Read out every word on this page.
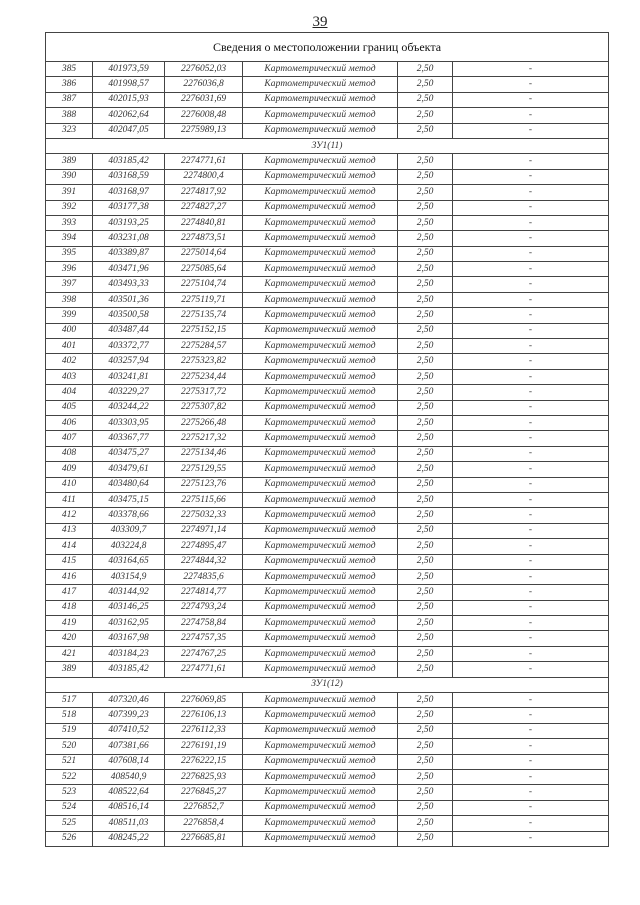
39
Сведения о местоположении границ объекта					
385	401973,59	2276052,03	Картометрический метод	2,50	-
386	401998,57	2276036,8	Картометрический метод	2,50	-
387	402015,93	2276031,69	Картометрический метод	2,50	-
388	402062,64	2276008,48	Картометрический метод	2,50	-
323	402047,05	2275989,13	Картометрический метод	2,50	-
ЗУ1(11)					
389	403185,42	2274771,61	Картометрический метод	2,50	-
390	403168,59	2274800,4	Картометрический метод	2,50	-
391	403168,97	2274817,92	Картометрический метод	2,50	-
392	403177,38	2274827,27	Картометрический метод	2,50	-
393	403193,25	2274840,81	Картометрический метод	2,50	-
394	403231,08	2274873,51	Картометрический метод	2,50	-
395	403389,87	2275014,64	Картометрический метод	2,50	-
396	403471,96	2275085,64	Картометрический метод	2,50	-
397	403493,33	2275104,74	Картометрический метод	2,50	-
398	403501,36	2275119,71	Картометрический метод	2,50	-
399	403500,58	2275135,74	Картометрический метод	2,50	-
400	403487,44	2275152,15	Картометрический метод	2,50	-
401	403372,77	2275284,57	Картометрический метод	2,50	-
402	403257,94	2275323,82	Картометрический метод	2,50	-
403	403241,81	2275234,44	Картометрический метод	2,50	-
404	403229,27	2275317,72	Картометрический метод	2,50	-
405	403244,22	2275307,82	Картометрический метод	2,50	-
406	403303,95	2275266,48	Картометрический метод	2,50	-
407	403367,77	2275217,32	Картометрический метод	2,50	-
408	403475,27	2275134,46	Картометрический метод	2,50	-
409	403479,61	2275129,55	Картометрический метод	2,50	-
410	403480,64	2275123,76	Картометрический метод	2,50	-
411	403475,15	2275115,66	Картометрический метод	2,50	-
412	403378,66	2275032,33	Картометрический метод	2,50	-
413	403309,7	2274971,14	Картометрический метод	2,50	-
414	403224,8	2274895,47	Картометрический метод	2,50	-
415	403164,65	2274844,32	Картометрический метод	2,50	-
416	403154,9	2274835,6	Картометрический метод	2,50	-
417	403144,92	2274814,77	Картометрический метод	2,50	-
418	403146,25	2274793,24	Картометрический метод	2,50	-
419	403162,95	2274758,84	Картометрический метод	2,50	-
420	403167,98	2274757,35	Картометрический метод	2,50	-
421	403184,23	2274767,25	Картометрический метод	2,50	-
389	403185,42	2274771,61	Картометрический метод	2,50	-
ЗУ1(12)					
517	407320,46	2276069,85	Картометрический метод	2,50	-
518	407399,23	2276106,13	Картометрический метод	2,50	-
519	407410,52	2276112,33	Картометрический метод	2,50	-
520	407381,66	2276191,19	Картометрический метод	2,50	-
521	407608,14	2276222,15	Картометрический метод	2,50	-
522	408540,9	2276825,93	Картометрический метод	2,50	-
523	408522,64	2276845,27	Картометрический метод	2,50	-
524	408516,14	2276852,7	Картометрический метод	2,50	-
525	408511,03	2276858,4	Картометрический метод	2,50	-
526	408245,22	2276685,81	Картометрический метод	2,50	-
